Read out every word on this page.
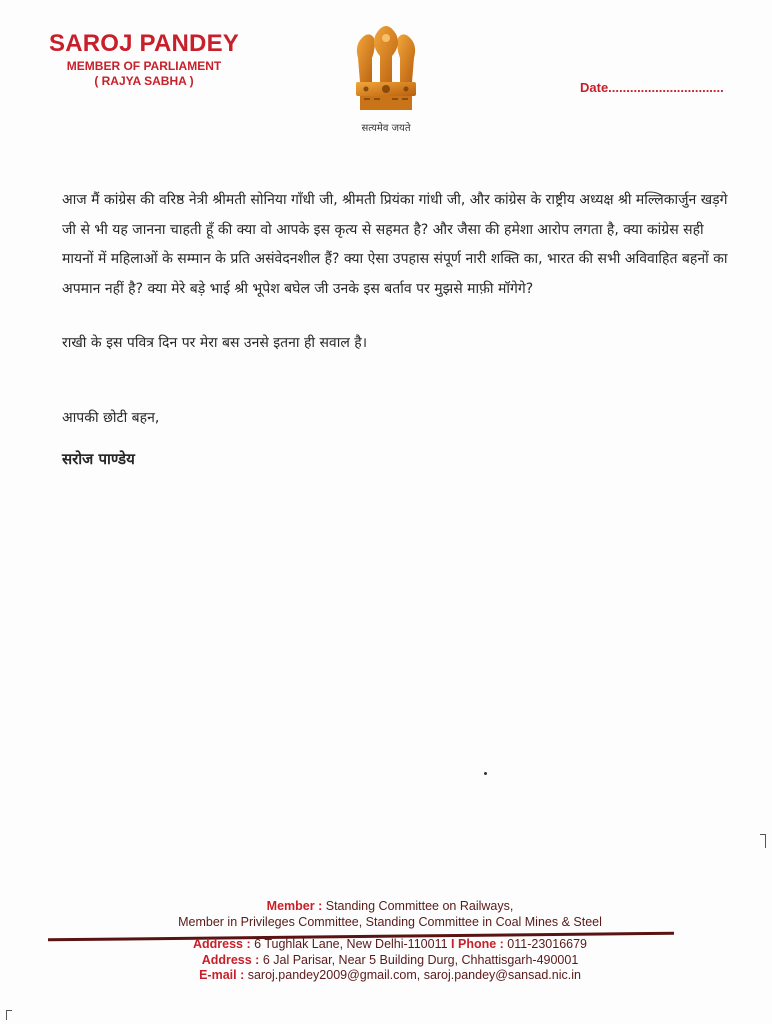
SAROJ PANDEY
MEMBER OF PARLIAMENT
( RAJYA SABHA )
सत्यमेव जयते
Date................................

आज मैं कांग्रेस की वरिष्ठ नेत्री श्रीमती सोनिया गाँधी जी, श्रीमती प्रियंका गांधी जी, और कांग्रेस के राष्ट्रीय अध्यक्ष श्री मल्लिकार्जुन खड़गे जी से भी यह जानना चाहती हूँ की क्या वो आपके इस कृत्य से सहमत है? और जैसा की हमेशा आरोप लगता है, क्या कांग्रेस सही मायनों में महिलाओं के सम्मान के प्रति असंवेदनशील हैं? क्या ऐसा उपहास संपूर्ण नारी शक्ति का, भारत की सभी अविवाहित बहनों का अपमान नहीं है? क्या मेरे बड़े भाई श्री भूपेश बघेल जी उनके इस बर्ताव पर मुझसे माफ़ी मॉगेगे?

राखी के इस पवित्र दिन पर मेरा बस उनसे इतना ही सवाल है।

आपकी छोटी बहन,

सरोज पाण्डेय

Member : Standing Committee on Railways,
Member in Privileges Committee, Standing Committee in Coal Mines & Steel
Address : 6 Tughlak Lane, New Delhi-110011 I Phone : 011-23016679
Address : 6 Jal Parisar, Near 5 Building Durg, Chhattisgarh-490001
E-mail : saroj.pandey2009@gmail.com, saroj.pandey@sansad.nic.in
